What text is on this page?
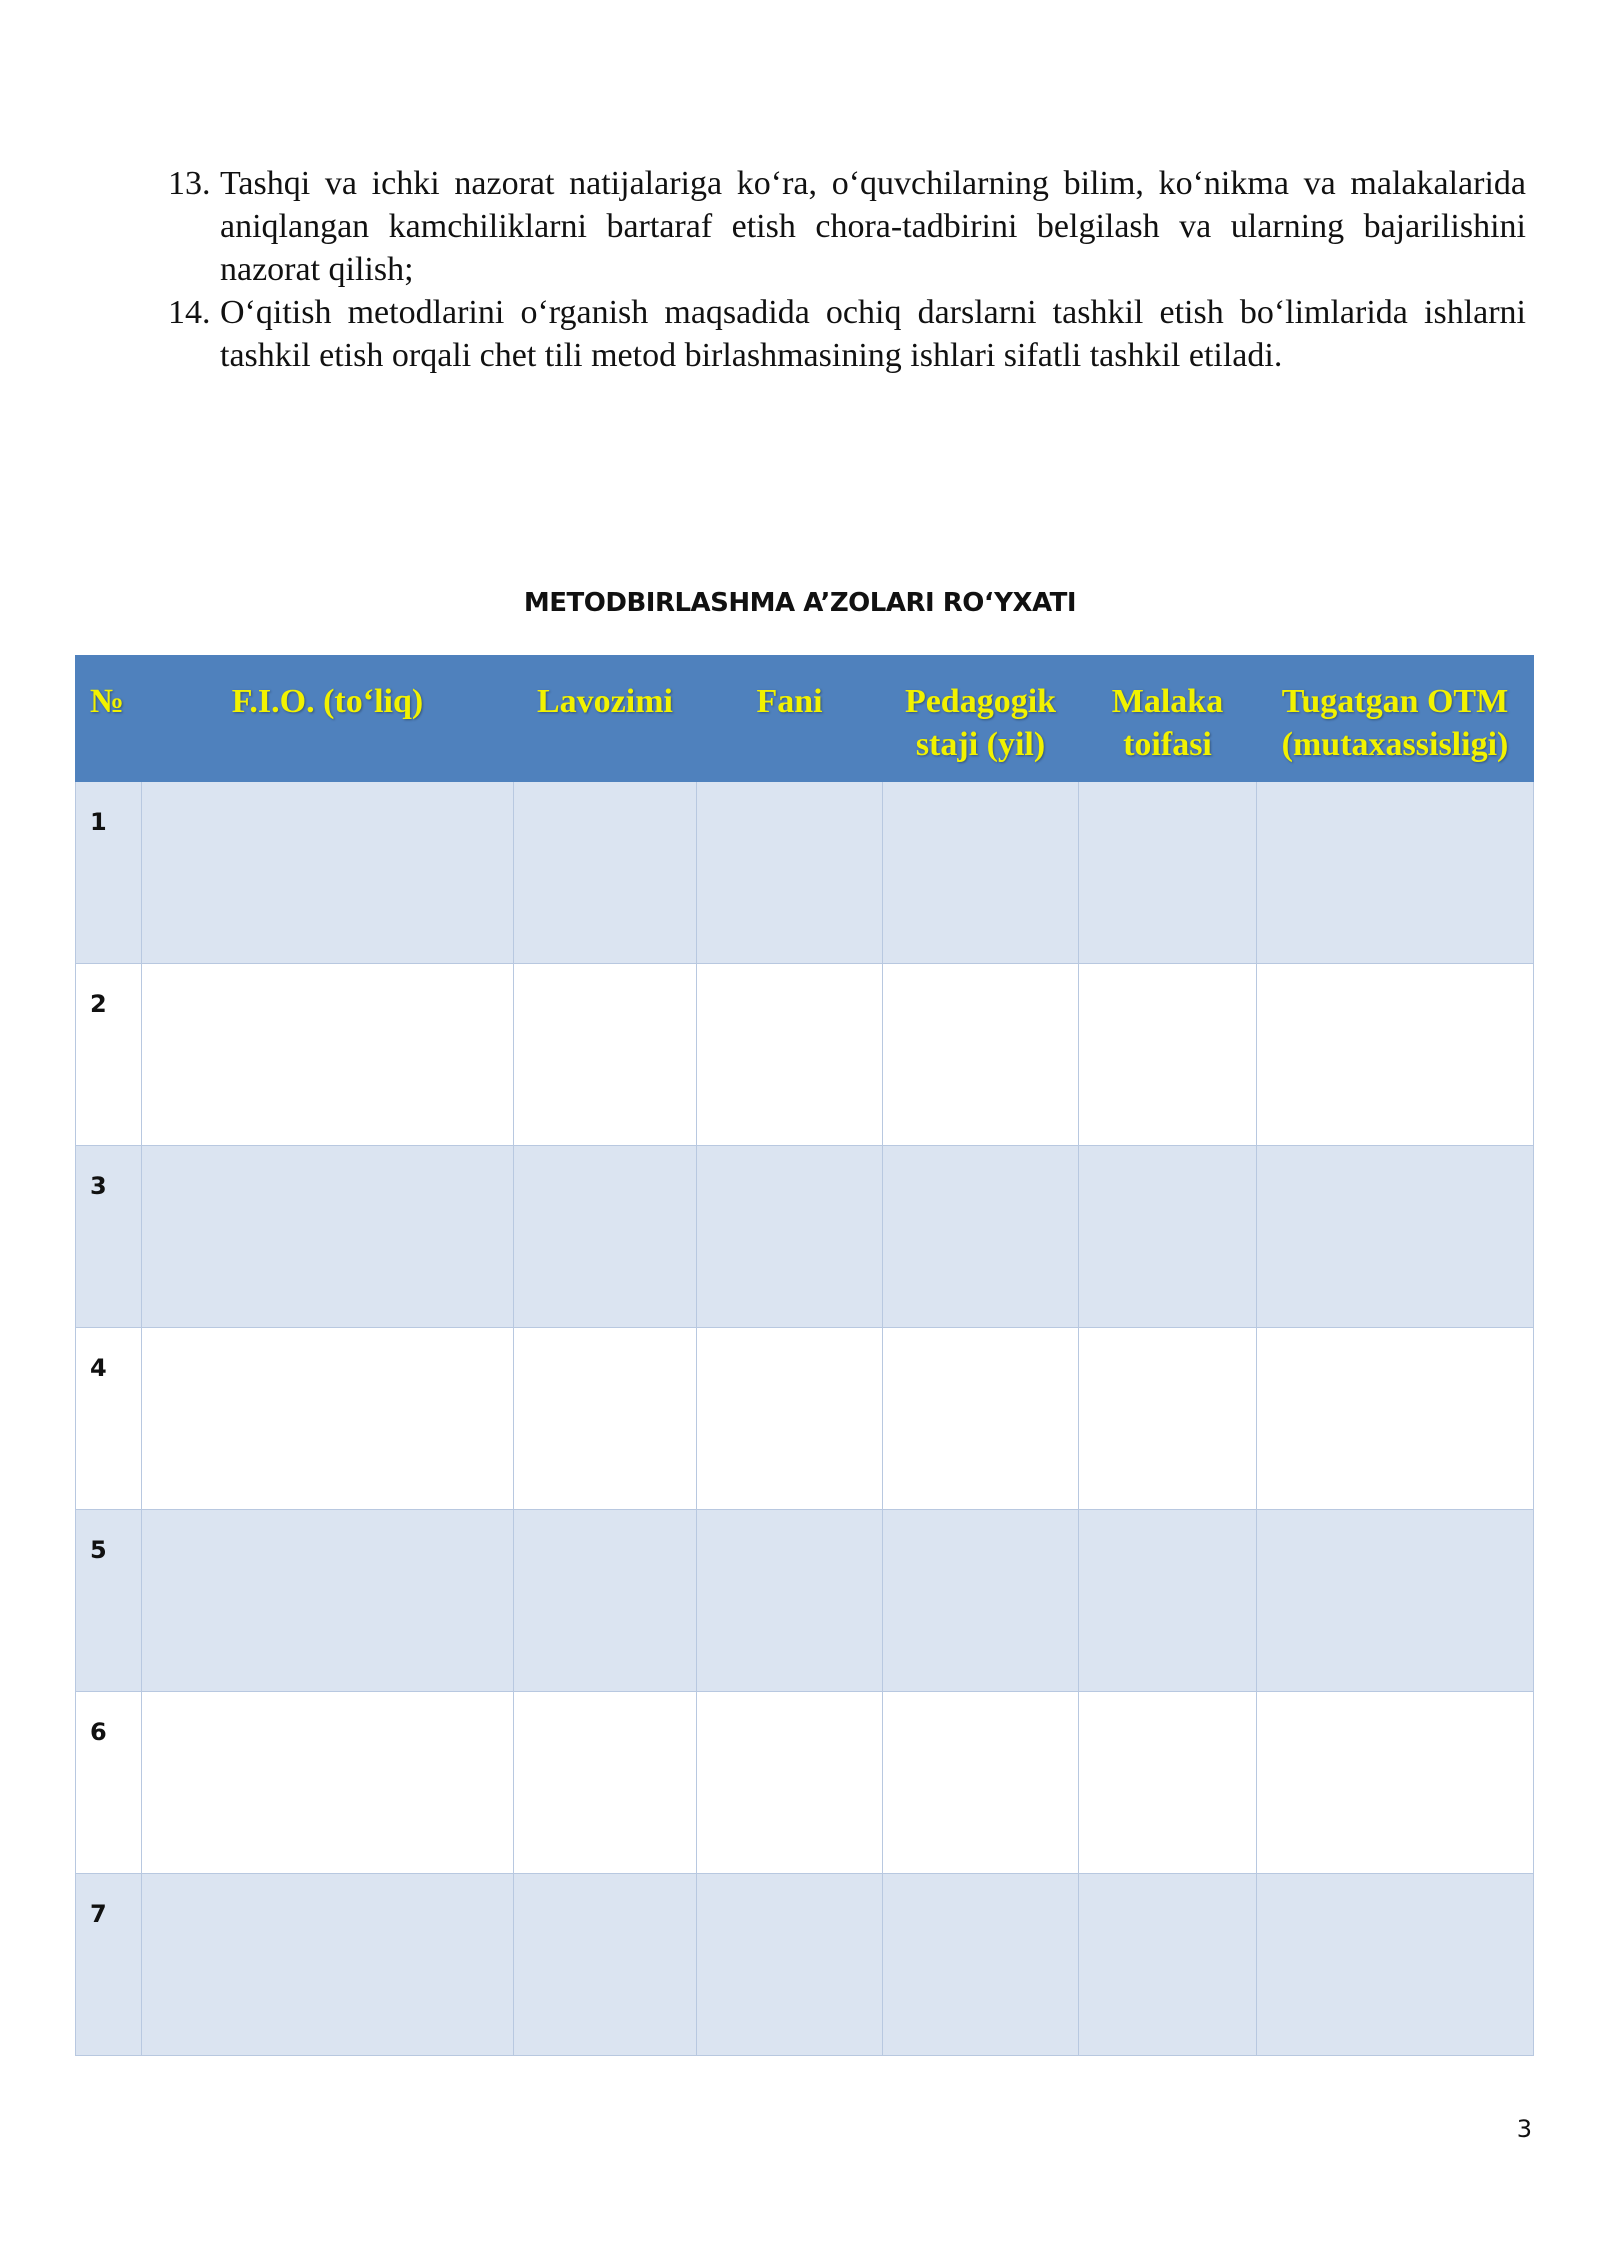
13. Tashqi va ichki nazorat natijalariga ko‘ra, o‘quvchilarning bilim, ko‘nikma va malakalarida aniqlangan kamchiliklarni bartaraf etish chora-tadbirini belgilash va ularning bajarilishini nazorat qilish;
14. O‘qitish metodlarini o‘rganish maqsadida ochiq darslarni tashkil etish bo‘limlarida ishlarni tashkil etish orqali chet tili metod birlashmasining ishlari sifatli tashkil etiladi.
METODBIRLASHMA A’ZOLARI RO‘YXATI
№	F.I.O. (to‘liq)	Lavozimi	Fani	Pedagogik staji (yil)	Malaka toifasi	Tugatgan OTM (mutaxassisligi)
1						
2						
3						
4						
5						
6						
7						
3
